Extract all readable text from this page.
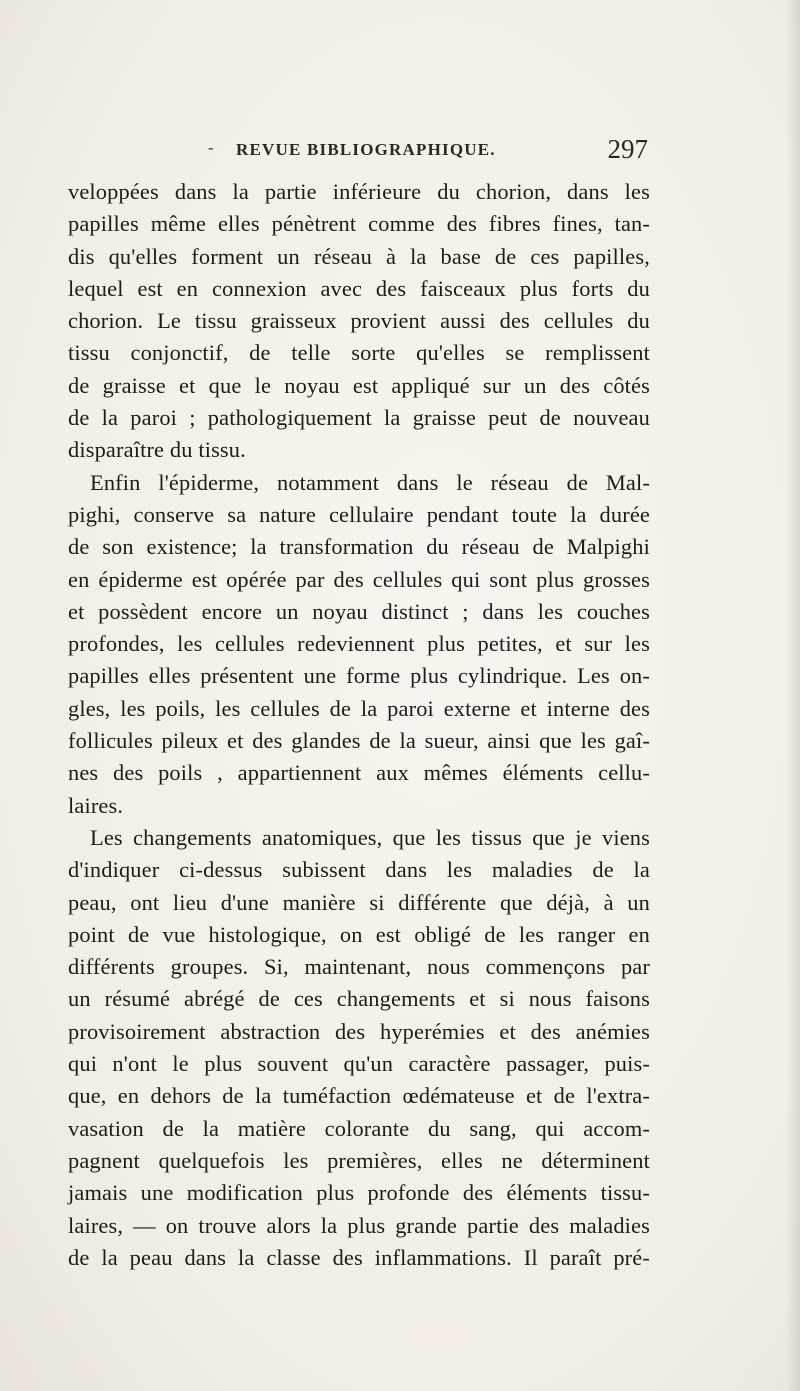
- REVUE BIBLIOGRAPHIQUE.	297
veloppées dans la partie inférieure du chorion, dans les
papilles même elles pénètrent comme des fibres fines, tan-
dis qu'elles forment un réseau à la base de ces papilles,
lequel est en connexion avec des faisceaux plus forts du
chorion. Le tissu graisseux provient aussi des cellules du
tissu conjonctif, de telle sorte qu'elles se remplissent
de graisse et que le noyau est appliqué sur un des côtés
de la paroi ; pathologiquement la graisse peut de nouveau
disparaître du tissu.
Enfin l'épiderme, notamment dans le réseau de Mal-
pighi, conserve sa nature cellulaire pendant toute la durée
de son existence; la transformation du réseau de Malpighi
en épiderme est opérée par des cellules qui sont plus grosses
et possèdent encore un noyau distinct ; dans les couches
profondes, les cellules redeviennent plus petites, et sur les
papilles elles présentent une forme plus cylindrique. Les on-
gles, les poils, les cellules de la paroi externe et interne des
follicules pileux et des glandes de la sueur, ainsi que les gaî-
nes des poils , appartiennent aux mêmes éléments cellu-
laires.
Les changements anatomiques, que les tissus que je viens
d'indiquer ci-dessus subissent dans les maladies de la
peau, ont lieu d'une manière si différente que déjà, à un
point de vue histologique, on est obligé de les ranger en
différents groupes. Si, maintenant, nous commençons par
un résumé abrégé de ces changements et si nous faisons
provisoirement abstraction des hyperémies et des anémies
qui n'ont le plus souvent qu'un caractère passager, puis-
que, en dehors de la tuméfaction œdémateuse et de l'extra-
vasation de la matière colorante du sang, qui accom-
pagnent quelquefois les premières, elles ne déterminent
jamais une modification plus profonde des éléments tissu-
laires, — on trouve alors la plus grande partie des maladies
de la peau dans la classe des inflammations. Il paraît pré-
